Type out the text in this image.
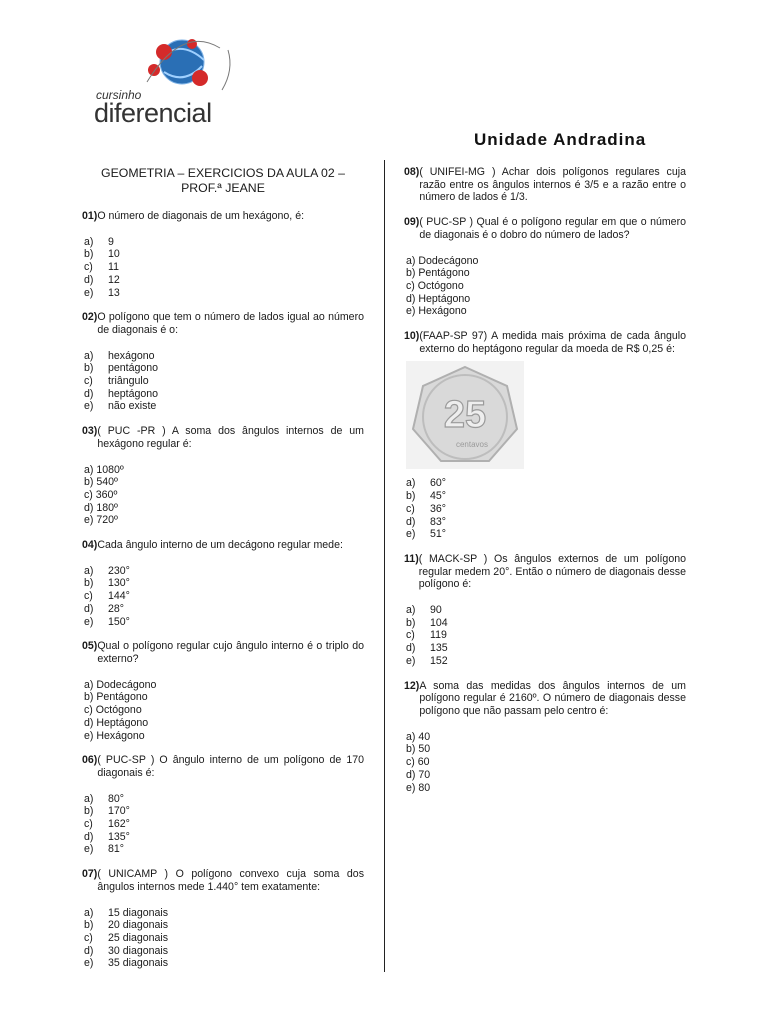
cursinho
diferencial
Unidade Andradina
GEOMETRIA – EXERCICIOS DA AULA 02 –
PROF.ª JEANE
01) O número de diagonais de um hexágono, é:
a)	9
b)	10
c)	11
d)	12
e)	13
02) O polígono que tem o número de lados igual ao número de diagonais é o:
a)	hexágono
b)	pentágono
c)	triângulo
d)	heptágono
e)	não existe
03) ( PUC -PR ) A soma dos ângulos internos de um hexágono regular é:
a) 1080º
b) 540º
c) 360º
d) 180º
e) 720º
04) Cada ângulo interno de um decágono regular mede:
a)	230°
b)	130°
c)	144°
d)	28°
e)	150°
05) Qual o polígono regular cujo ângulo interno é o triplo do externo?
a) Dodecágono
b) Pentágono
c) Octógono
d) Heptágono
e) Hexágono
06) ( PUC-SP ) O ângulo interno de um polígono de 170 diagonais é:
a)	80°
b)	170°
c)	162°
d)	135°
e)	81°
07) ( UNICAMP ) O polígono convexo cuja soma dos ângulos internos mede 1.440° tem exatamente:
a)	15 diagonais
b)	20 diagonais
c)	25 diagonais
d)	30 diagonais
e)	35 diagonais
08) ( UNIFEI-MG ) Achar dois polígonos regulares cuja razão entre os ângulos internos é 3/5 e a razão entre o número de lados é 1/3.
09) ( PUC-SP ) Qual é o polígono regular em que o número de diagonais é o dobro do número de lados?
a) Dodecágono
b) Pentágono
c) Octógono
d) Heptágono
e) Hexágono
10) (FAAP-SP 97) A medida mais próxima de cada ângulo externo do heptágono regular da moeda de R$ 0,25 é:
25
centavos
a)	60°
b)	45°
c)	36°
d)	83°
e)	51°
11) ( MACK-SP ) Os ângulos externos de um polígono regular medem 20°. Então o número de diagonais desse polígono é:
a)	90
b)	104
c)	119
d)	135
e)	152
12) A soma das medidas dos ângulos internos de um polígono regular é 2160º. O número de diagonais desse polígono que não passam pelo centro é:
a) 40
b) 50
c) 60
d) 70
e) 80
